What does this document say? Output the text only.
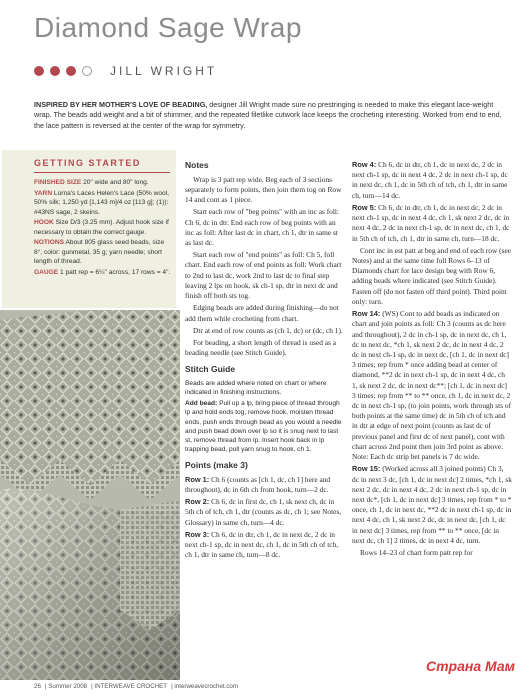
Diamond Sage Wrap
JILL WRIGHT
INSPIRED BY HER MOTHER'S LOVE OF BEADING, designer Jill Wright made sure no prestringing is needed to make this elegant lace-weight wrap. The beads add weight and a bit of shimmer, and the repeated filetlike cutwork lace keeps the crocheting interesting. Worked from end to end, the lace pattern is reversed at the center of the wrap for symmetry.
GETTING STARTED

FINISHED SIZE 20" wide and 80" long.

YARN Lorna's Laces Helen's Lace (50% wool, 50% silk; 1,250 yd [1,143 m]/4 oz [113 g]; (1)): #43NS sage, 2 skeins.

HOOK Size D/3 (3.25 mm). Adjust hook size if necessary to obtain the correct gauge.

NOTIONS About 805 glass seed beads, size 8°, color: gunmetal, 35 g; yarn needle; short length of thread.

GAUGE 1 patt rep = 6¼" across, 17 rows = 4".

Notes

Wrap is 3 patt rep wide. Beg each of 3 sections separately to form points, then join them tog on Row 14 and cont as 1 piece.

Start each row of "beg points" with an inc as foll: Ch 6, dc in dtr. End each row of beg points with an inc as foll: After last dc in chart, ch 1, dtr in same st as last dc.

Start each row of "end points" as foll: Ch 5, foll chart. End each row of end points as foll: Work chart to 2nd to last dc, work 2nd to last dc to final step leaving 2 lps on hook, sk ch-1 sp, dtr in next dc and finish off both sts tog.

Edging beads are added during finishing—do not add them while crocheting from chart.

Dtr at end of row counts as (ch 1, dc) or (dc, ch 1).

For beading, a short length of thread is used as a beading needle (see Stitch Guide).

Stitch Guide

Beads are added where noted on chart or where indicated in finishing instructions.

Add bead: Pull up a lp, bring piece of thread through lp and hold ends tog, remove hook, moisten thread ends, push ends through bead as you would a needle and push bead down over lp so it is snug next to last st, remove thread from lp. Insert hook back in lp trapping bead, pull yarn snug to hook, ch 1.

Points (make 3)

Row 1: Ch 6 (counts as [ch 1, dc, ch 1] here and throughout), dc in 6th ch from hook, turn—2 dc.

Row 2: Ch 6, dc in first dc, ch 1, sk next ch, dc in 5th ch of tch, ch 1, dtr (counts as dc, ch 1; see Notes, Glossary) in same ch, turn—4 dc.

Row 3: Ch 6, dc in dtr, ch 1, dc in next dc, 2 dc in next ch-1 sp, dc in next dc, ch 1, dc in 5th ch of tch, ch 1, dtr in same ch, turn—8 dc.

Row 4: Ch 6, dc in dtr, ch 1, dc in next dc, 2 dc in next ch-1 sp, dc in next 4 dc, 2 dc in next ch-1 sp, dc in next dc, ch 1, dc in 5th ch of tch, ch 1, dtr in same ch, turn—14 dc.

Row 5: Ch 6, dc in dtr, ch 1, dc in next dc, 2 dc in next ch-1 sp, dc in next 4 dc, ch 1, sk next 2 dc, dc in next 4 dc, 2 dc in next ch-1 sp, dc in next dc, ch 1, dc in 5th ch of tch, ch 1, dtr in same ch, turn—18 dc.

Cont inc in est patt at beg and end of each row (see Notes) and at the same time foll Rows 6–13 of Diamonds chart for lace design beg with Row 6, adding beads where indicated (see Stitch Guide). Fasten off (do not fasten off third point). Third point only: turn.

Row 14: (WS) Cont to add beads as indicated on chart and join points as foll: Ch 3 (counts as dc here and throughout), 2 dc in ch-1 sp, dc in next dc, ch 1, dc in next dc, *ch 1, sk next 2 dc, dc in next 4 dc, 2 dc in next ch-1 sp, dc in next dc, [ch 1, dc in next dc] 3 times; rep from * once adding bead at center of diamond, **2 dc in next ch-1 sp, dc in next 4 dc, ch 1, sk next 2 dc, dc in next dc**; [ch 1, dc in next dc] 3 times; rep from ** to ** once, ch 1, dc in next dc, 2 dc in next ch-1 sp, (to join points, work through sts of both points at the same time) dc in 5th ch of tch and in dtr at edge of next point (counts as last dc of previous panel and first dc of next panel), cont with chart across 2nd point then join 3rd point as above. Note: Each dc strip bet panels is 7 dc wide.

Row 15: (Worked across all 3 joined points) Ch 3, dc in next 3 dc, [ch 1, dc in next dc] 2 times, *ch 1, sk next 2 dc, dc in next 4 dc, 2 dc in next ch-1 sp, dc in next dc*, [ch 1, dc in next dc] 3 times, rep from * to * once, ch 1, dc in next dc, **2 dc in next ch-1 sp, dc in next 4 dc, ch 1, sk next 2 dc, dc in next dc, [ch 1, dc in next dc] 3 times, rep from ** to ** once, [dc in next dc, ch 1] 2 times, dc in next 4 dc, turn.

Rows 14–23 of chart form patt rep for

26 | Summer 2008 | INTERWEAVE CROCHET | interweavecrochet.com
Страна Мам
